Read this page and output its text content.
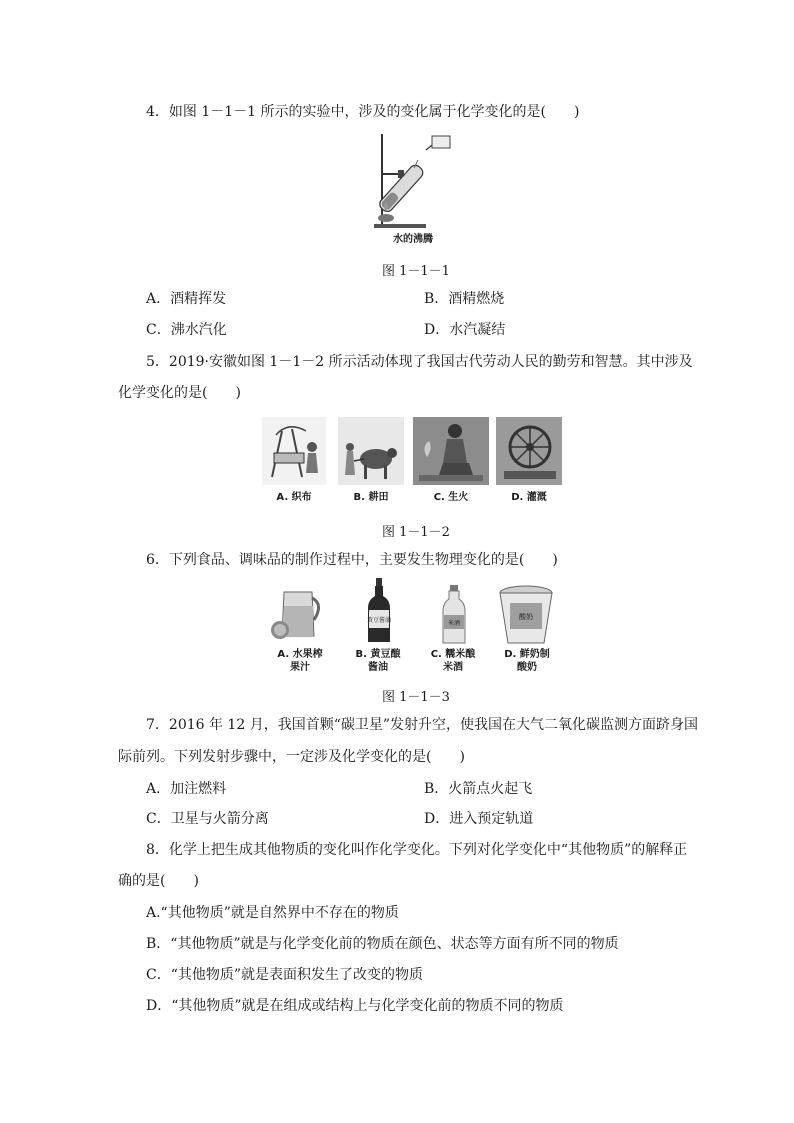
4．如图 1－1－1 所示的实验中，涉及的变化属于化学变化的是(　　)
水的沸腾
图 1－1－1
A．酒精挥发	B．酒精燃烧
C．沸水汽化	D．水汽凝结
5．2019·安徽如图 1－1－2 所示活动体现了我国古代劳动人民的勤劳和智慧。其中涉及
化学变化的是(　　)
A. 织布	B. 耕田	C. 生火	D. 灌溉
图 1－1－2
6．下列食品、调味品的制作过程中，主要发生物理变化的是(　　)
黄豆酱油	米酒
酸奶
A. 水果榨
果汁
B. 黄豆酿
酱油
C. 糯米酿
米酒
D. 鲜奶制
酸奶
图 1－1－3
7．2016 年 12 月，我国首颗“碳卫星”发射升空，使我国在大气二氧化碳监测方面跻身国
际前列。下列发射步骤中，一定涉及化学变化的是(　　)
A．加注燃料	B．火箭点火起飞
C．卫星与火箭分离	D．进入预定轨道
8．化学上把生成其他物质的变化叫作化学变化。下列对化学变化中“其他物质”的解释正
确的是(　　)
A.“其他物质”就是自然界中不存在的物质
B．“其他物质”就是与化学变化前的物质在颜色、状态等方面有所不同的物质
C．“其他物质”就是表面积发生了改变的物质
D．“其他物质”就是在组成或结构上与化学变化前的物质不同的物质
